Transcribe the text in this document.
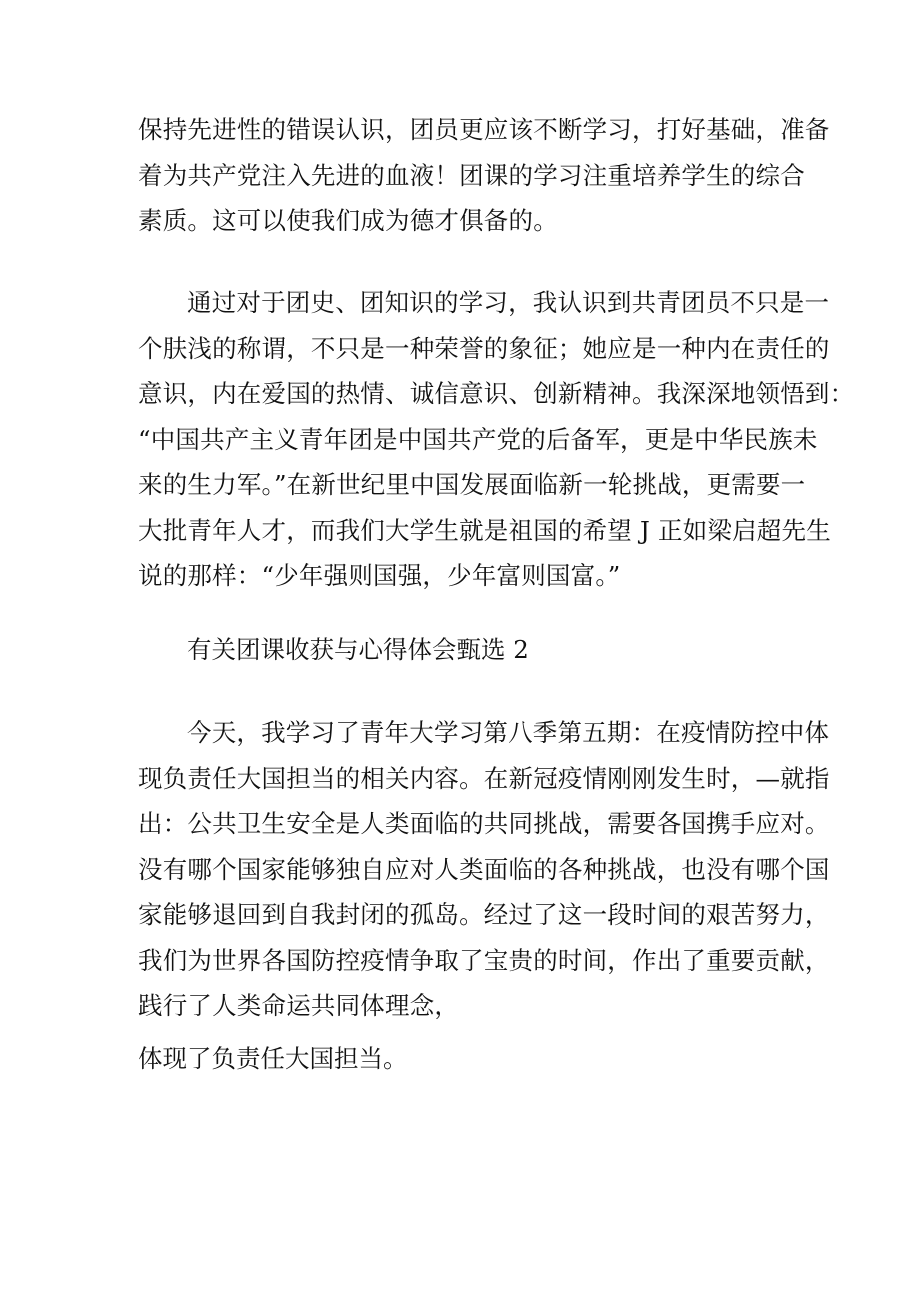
保持先进性的错误认识，团员更应该不断学习，打好基础，准备
着为共产党注入先进的血液！团课的学习注重培养学生的综合
素质。这可以使我们成为德才俱备的。

通过对于团史、团知识的学习，我认识到共青团员不只是一
个肤浅的称谓，不只是一种荣誉的象征；她应是一种内在责任的
意识，内在爱国的热情、诚信意识、创新精神。我深深地领悟到：
“中国共产主义青年团是中国共产党的后备军，更是中华民族未
来的生力军。”在新世纪里中国发展面临新一轮挑战，更需要一
大批青年人才，而我们大学生就是祖国的希望 J 正如梁启超先生
说的那样：“少年强则国强，少年富则国富。”

有关团课收获与心得体会甄选 2

今天，我学习了青年大学习第八季第五期：在疫情防控中体
现负责任大国担当的相关内容。在新冠疫情刚刚发生时，—就指
出：公共卫生安全是人类面临的共同挑战，需要各国携手应对。
没有哪个国家能够独自应对人类面临的各种挑战，也没有哪个国
家能够退回到自我封闭的孤岛。经过了这一段时间的艰苦努力，
我们为世界各国防控疫情争取了宝贵的时间，作出了重要贡献，
践行了人类命运共同体理念，

体现了负责任大国担当。
